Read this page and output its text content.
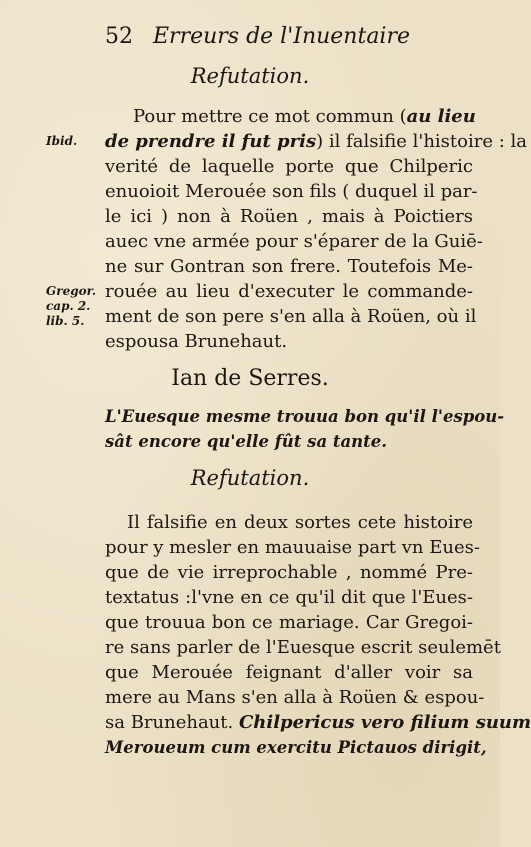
52 Erreurs de l'Inuentaire
Refutation.
Pour mettre ce mot commun (au lieu
de prendre il fut pris) il falsifie l'histoire : la
verité de laquelle porte que Chilperic
enuoioit Merouée son fils ( duquel il par-
le ici ) non à Roüen , mais à Poictiers
auec vne armée pour s'éparer de la Guiē-
ne sur Gontran son frere. Toutefois Me-
rouée au lieu d'executer le commande-
ment de son pere s'en alla à Roüen, où il
espousa Brunehaut.
Ibid.
Gregor.
cap. 2.
lib. 5.
Ian de Serres.
L'Euesque mesme trouua bon qu'il l'espou-
sât encore qu'elle fût sa tante.
Refutation.
Il falsifie en deux sortes cete histoire
pour y mesler en mauuaise part vn Eues-
que de vie irreprochable , nommé Pre-
textatus :l'vne en ce qu'il dit que l'Eues-
que trouua bon ce mariage. Car Gregoi-
re sans parler de l'Euesque escrit seulemēt
que Merouée feignant d'aller voir sa
mere au Mans s'en alla à Roüen & espou-
sa Brunehaut. Chilpericus vero filium suum
Meroueum cum exercitu Pictauos dirigit,
